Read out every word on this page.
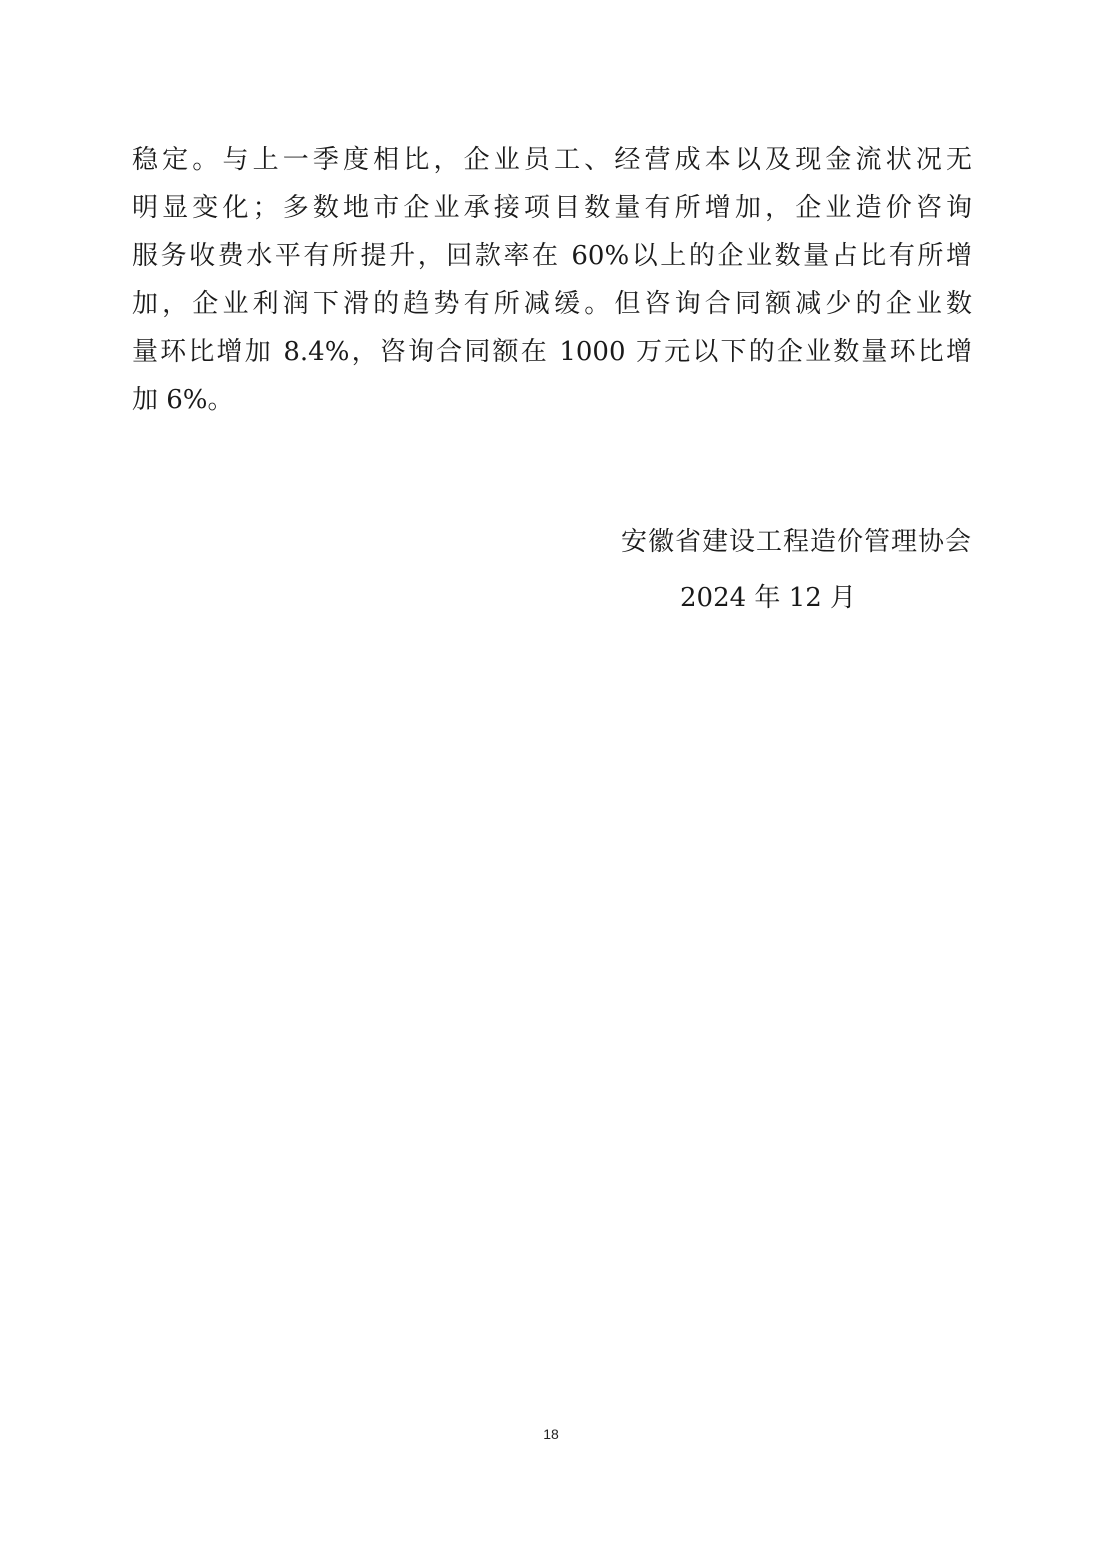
稳定。与上一季度相比，企业员工、经营成本以及现金流状况无
明显变化；多数地市企业承接项目数量有所增加，企业造价咨询
服务收费水平有所提升，回款率在 60%以上的企业数量占比有所增
加，企业利润下滑的趋势有所减缓。但咨询合同额减少的企业数
量环比增加 8.4%，咨询合同额在 1000 万元以下的企业数量环比增
加 6%。
安徽省建设工程造价管理协会
2024 年 12 月
18
